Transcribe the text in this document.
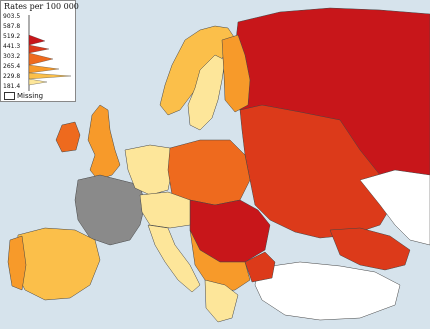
Rates per 100 000
903.5
587.8
519.2
441.3
303.2
265.4
229.8
181.4
Missing
